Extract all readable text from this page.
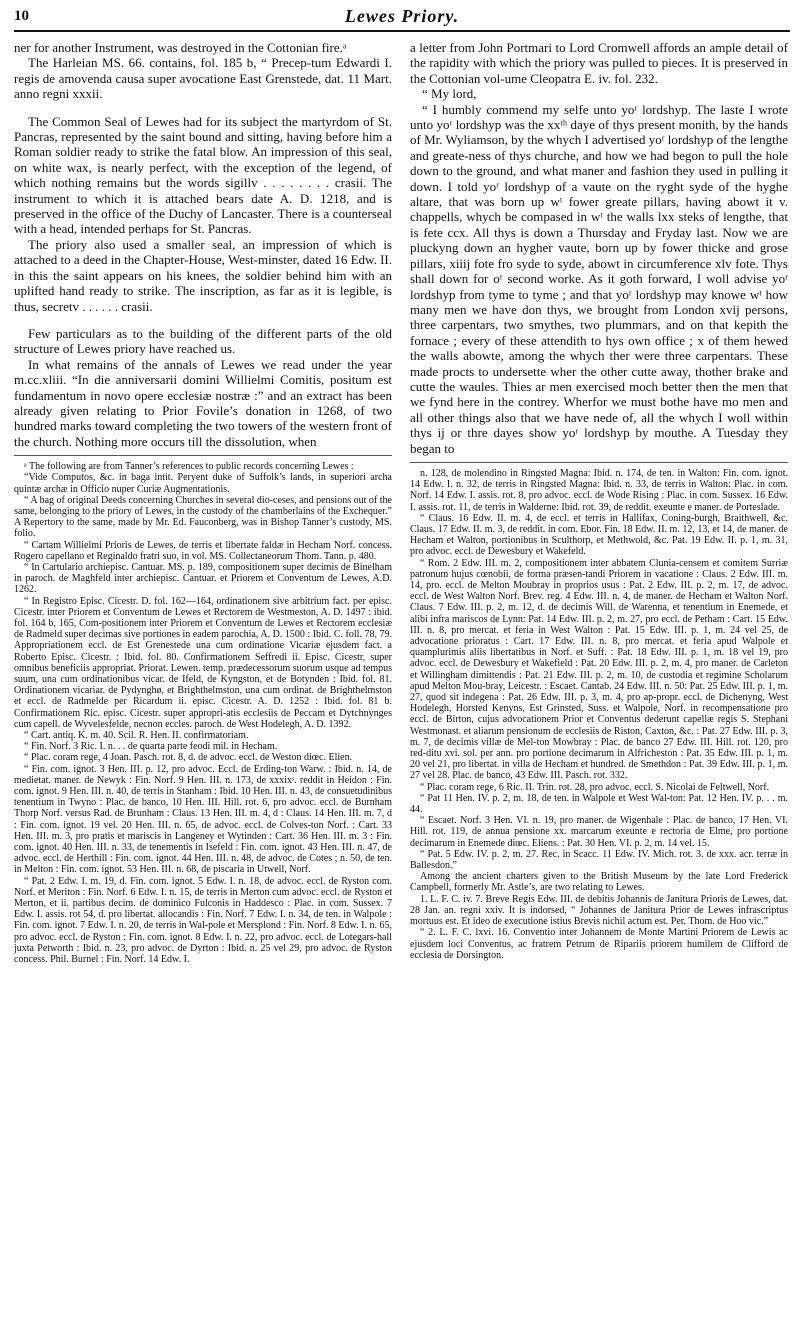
10	Lewes Priory.

ner for another Instrument, was destroyed in the Cottonian fire.ᵃ

The Harleian MS. 66. contains, fol. 185 b, “ Precep-tum Edwardi I. regis de amovenda causa super avocatione East Grenstede, dat. 11 Mart. anno regni xxxii.

The Common Seal of Lewes had for its subject the martyrdom of St. Pancras, represented by the saint bound and sitting, having before him a Roman soldier ready to strike the fatal blow. An impression of this seal, on white wax, is nearly perfect, with the exception of the legend, of which nothing remains but the words sigillv . . . . . . . . crasii. The instrument to which it is attached bears date A. D. 1218, and is preserved in the office of the Duchy of Lancaster. There is a counterseal with a head, intended perhaps for St. Pancras.

The priory also used a smaller seal, an impression of which is attached to a deed in the Chapter-House, West-minster, dated 16 Edw. II. in this the saint appears on his knees, the soldier behind him with an uplifted hand ready to strike. The inscription, as far as it is legible, is thus, secretv . . . . . . crasii.

Few particulars as to the building of the different parts of the old structure of Lewes priory have reached us.

In what remains of the annals of Lewes we read under the year m.cc.xliii. “In die anniversarii domini Willielmi Comitis, positum est fundamentum in novo opere ecclesiæ nostræ :” and an extract has been already given relating to Prior Fovile’s donation in 1268, of two hundred marks toward completing the two towers of the western front of the church. Nothing more occurs till the dissolution, when

ᵃ The following are from Tanner’s references to public records concerning Lewes :

“Vide Computos, &c. in baga intit. Peryent duke of Suffolk’s lands, in superiori archa quintæ archæ in Officio nuper Curiæ Augmentationis.

“ A bag of original Deeds concerning Churches in several dio-ceses, and pensions out of the same, belonging to the priory of Lewes, in the custody of the chamberlains of the Exchequer.” A Repertory to the same, made by Mr. Ed. Fauconberg, was in Bishop Tanner’s custody, MS. folio.

“ Cartam Willielmi Prioris de Lewes, de terris et libertate faldæ in Hecham Norf. concess. Rogero capellano et Reginaldo fratri suo, in vol. MS. Collectaneorum Thom. Tann. p. 480.

“ In Cartulario archiepisc. Cantuar. MS. p. 189, compositionem super decimis de Binelham in paroch. de Maghfeld inter archiepisc. Cantuar. et Priorem et Conventum de Lewes, A.D. 1262.

“ In Registro Episc. Cicestr. D. fol. 162—164, ordinationem sive arbitrium fact. per episc. Cicestr. inter Priorem et Conventum de Lewes et Rectorem de Westmeston, A. D. 1497 : ibid. fol. 164 b, 165, Com-positionem inter Priorem et Conventum de Lewes et Rectorem ecclesiæ de Radmeld super decimas sive portiones in eadem parochia, A. D. 1500 : Ibid. C. foll. 78, 79. Appropriationem eccl. de Est Grenestede una cum ordinatione Vicariæ ejusdem fact. a Roberto Episc. Cicestr. : Ibid. fol. 80. Confirmationem Seffredi ii. Episc. Cicestr, super omnibus beneficiis appropriat. Priorat. Lewen. temp. prædecessorum suorum usque ad tempus suum, una cum ordinationibus vicar. de Ifeld, de Kyngston, et de Botynden : Ibid. fol. 81. Ordinationem vicariar. de Pydynghø, et Brighthelmston, una cum ordinat. de Brighthelmston et eccl. de Radmelde per Ricardum ii. episc. Cicestr. A. D. 1252 : Ibid. fol. 81 b. Confirmationem Ric. episc. Cicestr. super appropri-atis ecclesiis de Peccam et Dytchnynges cum capell. de Wyvelesfelde, necnon eccles. paroch. de West Hodelegh, A. D. 1392.

“ Cart. antiq. K. m. 40. Scil. R. Hen. II. confirmatoriam.

“ Fin. Norf. 3 Ric. I. n. . . de quarta parte feodi mil. in Hecham.

“ Plac. coram rege, 4 Joan. Pasch. rot. 8, d. de advoc. eccl. de Weston diœc. Elien.

“ Fin. com. ignot. 3 Hen. III. p. 12, pro advoc. Eccl. de Erding-ton Warw. : Ibid. n. 14, de medietat. maner. de Newyk : Fin. Norf. 9 Hen. III. n. 173, de xxxixˢ. reddit in Heidon : Fin. com. ignot. 9 Hen. III. n. 40, de terris in Stanham : Ibid. 10 Hen. III. n. 43, de consuetudinibus tenentium in Twyno : Plac. de banco, 10 Hen. III. Hill. rot. 6, pro advoc. eccl. de Burnham Thorp Norf. versus Rad. de Brunham : Claus. 13 Hen. III. m. 4, d : Claus. 14 Hen. III. m. 7, d : Fin. com. ignot. 19 vel. 20 Hen. III. n. 65, de advoc. eccl. de Colves-ton Norf. : Cart. 33 Hen. III. m. 3, pro pratis et mariscis in Langeney et Wytinden : Cart. 36 Hen. III. m. 3 : Fin. com. ignot. 40 Hen. III. n. 33, de tenementis in Isefeld : Fin. com. ignot. 43 Hen. III. n. 47, de advoc. eccl. de Herthill : Fin. com. ignot. 44 Hen. III. n. 48, de advoc. de Cotes ; n. 50, de ten. in Melton : Fin. com. ignot. 53 Hen. III. n. 68, de piscaria in Utwell, Norf.

“ Pat. 2 Edw. I. m. 19, d. Fin. com. ignot. 5 Edw. I. n. 18, de advoc. eccl. de Ryston com. Norf. et Meriton : Fin. Norf. 6 Edw. I. n. 15, de terris in Merton cum advoc. eccl. de Ryston et Merton, et ii. partibus decim. de dominico Fulconis in Haddesco : Plac. in com. Sussex. 7 Edw. I. assis. rot 54, d. pro libertat. allocandis : Fin. Norf. 7 Edw. I. n. 34, de ten. in Walpole : Fin. com. ignot. 7 Edw. I. n. 20, de terris in Wal-pole et Mersplond : Fin. Norf. 8 Edw. I. n. 65, pro advoc. eccl. de Ryston : Fin. com. ignot. 8 Edw. I. n. 22, pro advoc. eccl. de Lotegars-hall juxta Petworth : Ibid. n. 23, pro advoc. de Dyrton : Ibid. n. 25 vel 29, pro advoc. de Ryston concess. Phil. Burnel : Fin. Norf. 14 Edw. I.

a letter from John Portmari to Lord Cromwell affords an ample detail of the rapidity with which the priory was pulled to pieces. It is preserved in the Cottonian vol-ume Cleopatra E. iv. fol. 232.

“ My lord,

“ I humbly commend my selfe unto yoʳ lordshyp. The laste I wrote unto yoʳ lordshyp was the xxᵗʰ daye of thys present monith, by the hands of Mr. Wyliamson, by the whych I advertised yoʳ lordshyp of the lengthe and greate-ness of thys churche, and how we had begon to pull the hole down to the ground, and what maner and fashion they used in pulling it down. I told yoʳ lordshyp of a vaute on the ryght syde of the hyghe altare, that was born up wᵗ fower greate pillars, having abowt it v. chappells, whych be compased in wᵗ the walls lxx steks of lengthe, that is fete ccx. All thys is down a Thursday and Fryday last. Now we are pluckyng down an hygher vaute, born up by fower thicke and grose pillars, xiiij fote fro syde to syde, abowt in circumference xlv fote. Thys shall down for oʳ second worke. As it goth forward, I woll advise yoʳ lordshyp from tyme to tyme ; and that yoʳ lordshyp may knowe wᵗ how many men we have don thys, we brought from London xvij persons, three carpentars, two smythes, two plummars, and on that kepith the fornace ; every of these attendith to hys own office ; x of them hewed the walls abowte, among the whych ther were three carpentars. These made procts to undersette wher the other cutte away, thother brake and cutte the waules. Thies ar men exercised moch better then the men that we fynd here in the contrey. Wherfor we must bothe have mo men and all other things also that we have nede of, all the whych I woll within thys ij or thre dayes show yoʳ lordshyp by mouthe. A Tuesday they began to

n. 128, de molendino in Ringsted Magna: Ibid. n. 174, de ten. in Walton: Fin. com. ignot. 14 Edw. I. n. 32, de terris in Ringsted Magna: Ibid. n. 33, de terris in Walton: Plac. in com. Norf. 14 Edw. I. assis. rot. 8, pro advoc. eccl. de Wode Rising : Plac. in com. Sussex. 16 Edw. I. assis. rot. 11, de terris in Walderne: Ibid. rot. 39, de reddit. exeunte e maner. de Porteslade.

“ Claus. 16 Edw. II. m. 4, de eccl. et terris in Hallifax, Coning-burgh, Braithwell, &c. Claus. 17 Edw. II. m. 3, de reddit. in com. Ebor. Fin. 18 Edw. II. m. 12, 13, et 14, de maner. de Hecham et Walton, portionibus in Sculthorp, et Methwold, &c. Pat. 19 Edw. II. p. 1, m. 31, pro advoc. eccl. de Dewesbury et Wakefeld.

“ Rom. 2 Edw. III. m. 2, compositionem inter abbatem Clunia-censem et comitem Surriæ patronum hujus cœnobii, de forma præsen-tandi Priorem in vacatione : Claus. 2 Edw. III. m. 14, pro. eccl. de Melton Moubray in proprios usus : Pat. 2 Edw. III. p. 2, m. 17, de advoc. eccl. de West Walton Norf. Brev. reg. 4 Edw. III. n. 4, de maner. de Hecham et Walton Norf. Claus. 7 Edw. III. p. 2, m. 12, d. de decimis Will. de Warenna, et tenentium in Enemede, et alibi infra mariscos de Lynn: Pat. 14 Edw. III. p. 2, m. 27, pro eccl. de Petham : Cart. 15 Edw. III. n. 8, pro mercat. et feria in West Walton : Pat. 15 Edw. III. p. 1, m. 24 vel 25, de advocatione prioratus : Cart. 17 Edw. III. n. 8, pro mercat. et feria apud Walpole et quamplurimis aliis libertatibus in Norf. et Suff. : Pat. 18 Edw. III. p. 1, m. 18 vel 19, pro advoc. eccl. de Dewesbury et Wakefield : Pat. 20 Edw. III. p. 2, m. 4, pro maner. de Carleton et Willingham dimittendis : Pat. 21 Edw. III. p. 2, m. 10, de custodia et regimine Scholarum apud Melton Mou-bray, Leicestr. : Escaet. Cantab. 24 Edw. III. n. 50: Pat. 25 Edw. III. p. 1, m. 27, quod sit indegena : Pat. 26 Edw. III. p. 3, m. 4, pro ap-propr. eccl. de Dichenyng, West Hodelegh, Horsted Kenyns, Est Grinsted, Suss. et Walpole, Norf. in recompensatione pro eccl. de Birton, cujus advocationem Prior et Conventus dederunt capellæ regis S. Stephani Westmonast. et aliarum pensionum de ecclesiis de Riston, Caxton, &c. : Pat. 27 Edw. III. p. 3, m. 7, de decimis villæ de Mel-ton Mowbray : Plac. de banco 27 Edw. III. Hill. rot. 120, pro red-ditu xvi. sol. per ann. pro portione decimarum in Alfricheston : Pat. 35 Edw. III. p. 1, m. 20 vel 21, pro libertat. in villa de Hecham et hundred. de Smethdon : Pat. 39 Edw. III. p. 1, m. 27 vel 28. Plac. de banco, 43 Edw. III. Pasch. rot. 332.

“ Plac. coram rege, 6 Ric. II. Trin. rot. 28, pro advoc. eccl. S. Nicolai de Feltwell, Norf.

“ Pat 11 Hen. IV. p. 2, m. 18, de ten. in Walpole et West Wal-ton: Pat. 12 Hen. IV. p. . . m. 44.

“ Escaet. Norf. 3 Hen. VI. n. 19, pro maner. de Wigenhale : Plac. de banco, 17 Hen. VI. Hill. rot. 119, de annua pensione xx. marcarum exeunte e rectoria de Elme, pro portione decimarum in Enemede diœc. Eliens. : Pat. 30 Hen. VI. p. 2, m. 14 vel. 15.

“ Pat. 5 Edw. IV. p. 2, m. 27. Rec. in Scacc. 11 Edw. IV. Mich. rot. 3. de xxx. acr. terræ in Ballesdon.”

Among the ancient charters given to the British Museum by the late Lord Frederick Campbell, formerly Mr. Astle’s, are two relating to Lewes.

1. L. F. C. iv. 7. Breve Regis Edw. III. de debitis Johannis de Janitura Prioris de Lewes, dat. 28 Jan. an. regni xxiv. It is indorsed, “ Johannes de Janitura Prior de Lewes infrascriptus mortuus est. Et ideo de executione istius Brevis nichil actum est. Per. Thom. de Hoo vic.”

“ 2. L. F. C. lxvi. 16. Conventio inter Johannem de Monte Martini Priorem de Lewis ac ejusdem loci Conventus, ac fratrem Petrum de Ripariis priorem humilem de Clifford de ecclesia de Dorsington.
